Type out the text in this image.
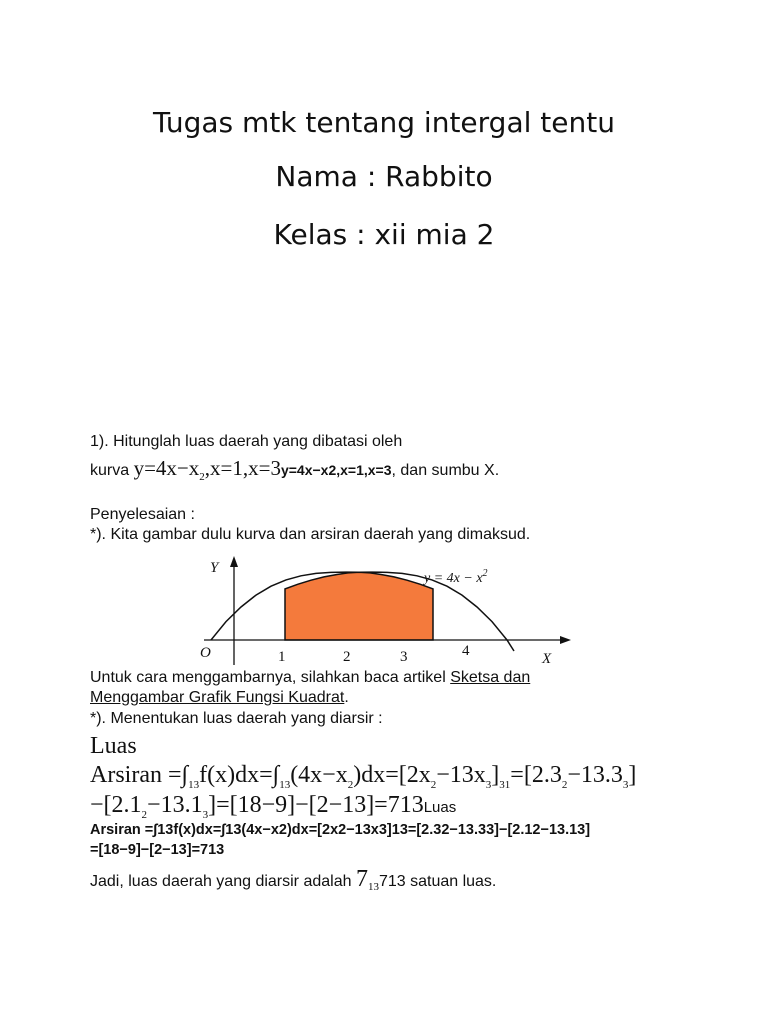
Tugas mtk tentang intergal tentu
Nama : Rabbito
Kelas : xii mia 2
1). Hitunglah luas daerah yang dibatasi oleh
kurva $y=4x-x_2,x=1,x=3y=4x-x2,x=1,x=3$, dan sumbu X.
Penyelesaian :
*). Kita gambar dulu kurva dan arsiran daerah yang dimaksud.
Y
X
O	1	2	3	4
$y = 4x - x^2$
Untuk cara menggambarnya, silahkan baca artikel Sketsa dan
Menggambar Grafik Fungsi Kuadrat.
*). Menentukan luas daerah yang diarsir :
Luas
Arsiran $=\int_{13}f(x)dx=\int_{13}(4x-x_2)dx=[2x_2-13x_3]_{31}=[2.3_2-13.3_3]$
$-[2.1_2-13.1_3]=[18-9]-[2-13]=713Luas$
Arsiran =∫13f(x)dx=∫13(4x−x2)dx=[2x2−13x3]13=[2.32−13.33]−[2.12−13.13]
=[18−9]−[2−13]=713
Jadi, luas daerah yang diarsir adalah $7_{13}713$ satuan luas.
